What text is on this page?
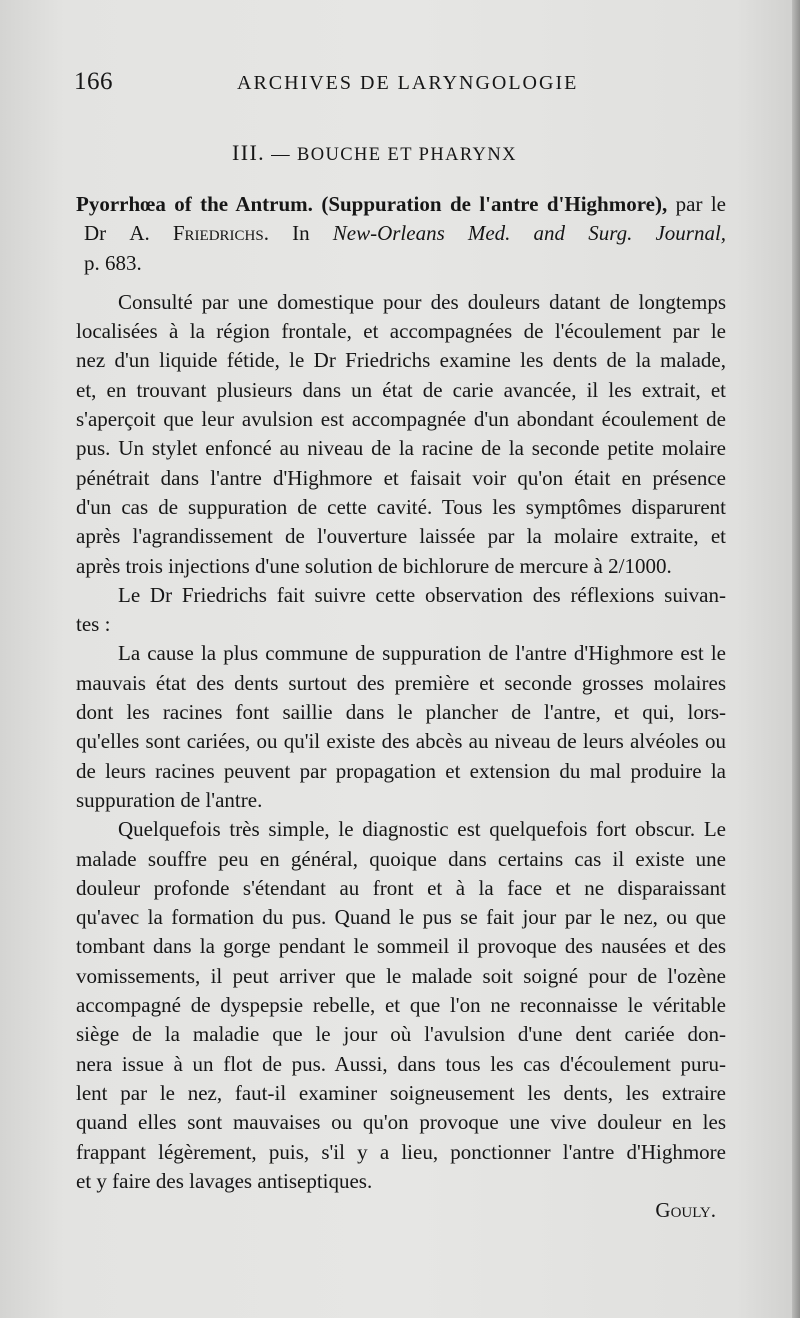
166	ARCHIVES DE LARYNGOLOGIE
III. — BOUCHE ET PHARYNX
Pyorrhœa of the Antrum. (Suppuration de l'antre d'Highmore), par le
Dr A. Friedrichs. In New-Orleans Med. and Surg. Journal,
p. 683.
Consulté par une domestique pour des douleurs datant de longtemps
localisées à la région frontale, et accompagnées de l'écoulement par le
nez d'un liquide fétide, le Dr Friedrichs examine les dents de la malade,
et, en trouvant plusieurs dans un état de carie avancée, il les extrait, et
s'aperçoit que leur avulsion est accompagnée d'un abondant écoulement de
pus. Un stylet enfoncé au niveau de la racine de la seconde petite molaire
pénétrait dans l'antre d'Highmore et faisait voir qu'on était en présence
d'un cas de suppuration de cette cavité. Tous les symptômes disparurent
après l'agrandissement de l'ouverture laissée par la molaire extraite, et
après trois injections d'une solution de bichlorure de mercure à 2/1000.
Le Dr Friedrichs fait suivre cette observation des réflexions suivan-
tes :
La cause la plus commune de suppuration de l'antre d'Highmore est le
mauvais état des dents surtout des première et seconde grosses molaires
dont les racines font saillie dans le plancher de l'antre, et qui, lors-
qu'elles sont cariées, ou qu'il existe des abcès au niveau de leurs alvéoles ou
de leurs racines peuvent par propagation et extension du mal produire la
suppuration de l'antre.
Quelquefois très simple, le diagnostic est quelquefois fort obscur. Le
malade souffre peu en général, quoique dans certains cas il existe une
douleur profonde s'étendant au front et à la face et ne disparaissant
qu'avec la formation du pus. Quand le pus se fait jour par le nez, ou que
tombant dans la gorge pendant le sommeil il provoque des nausées et des
vomissements, il peut arriver que le malade soit soigné pour de l'ozène
accompagné de dyspepsie rebelle, et que l'on ne reconnaisse le véritable
siège de la maladie que le jour où l'avulsion d'une dent cariée don-
nera issue à un flot de pus. Aussi, dans tous les cas d'écoulement puru-
lent par le nez, faut-il examiner soigneusement les dents, les extraire
quand elles sont mauvaises ou qu'on provoque une vive douleur en les
frappant légèrement, puis, s'il y a lieu, ponctionner l'antre d'Highmore
et y faire des lavages antiseptiques.
Gouly.
